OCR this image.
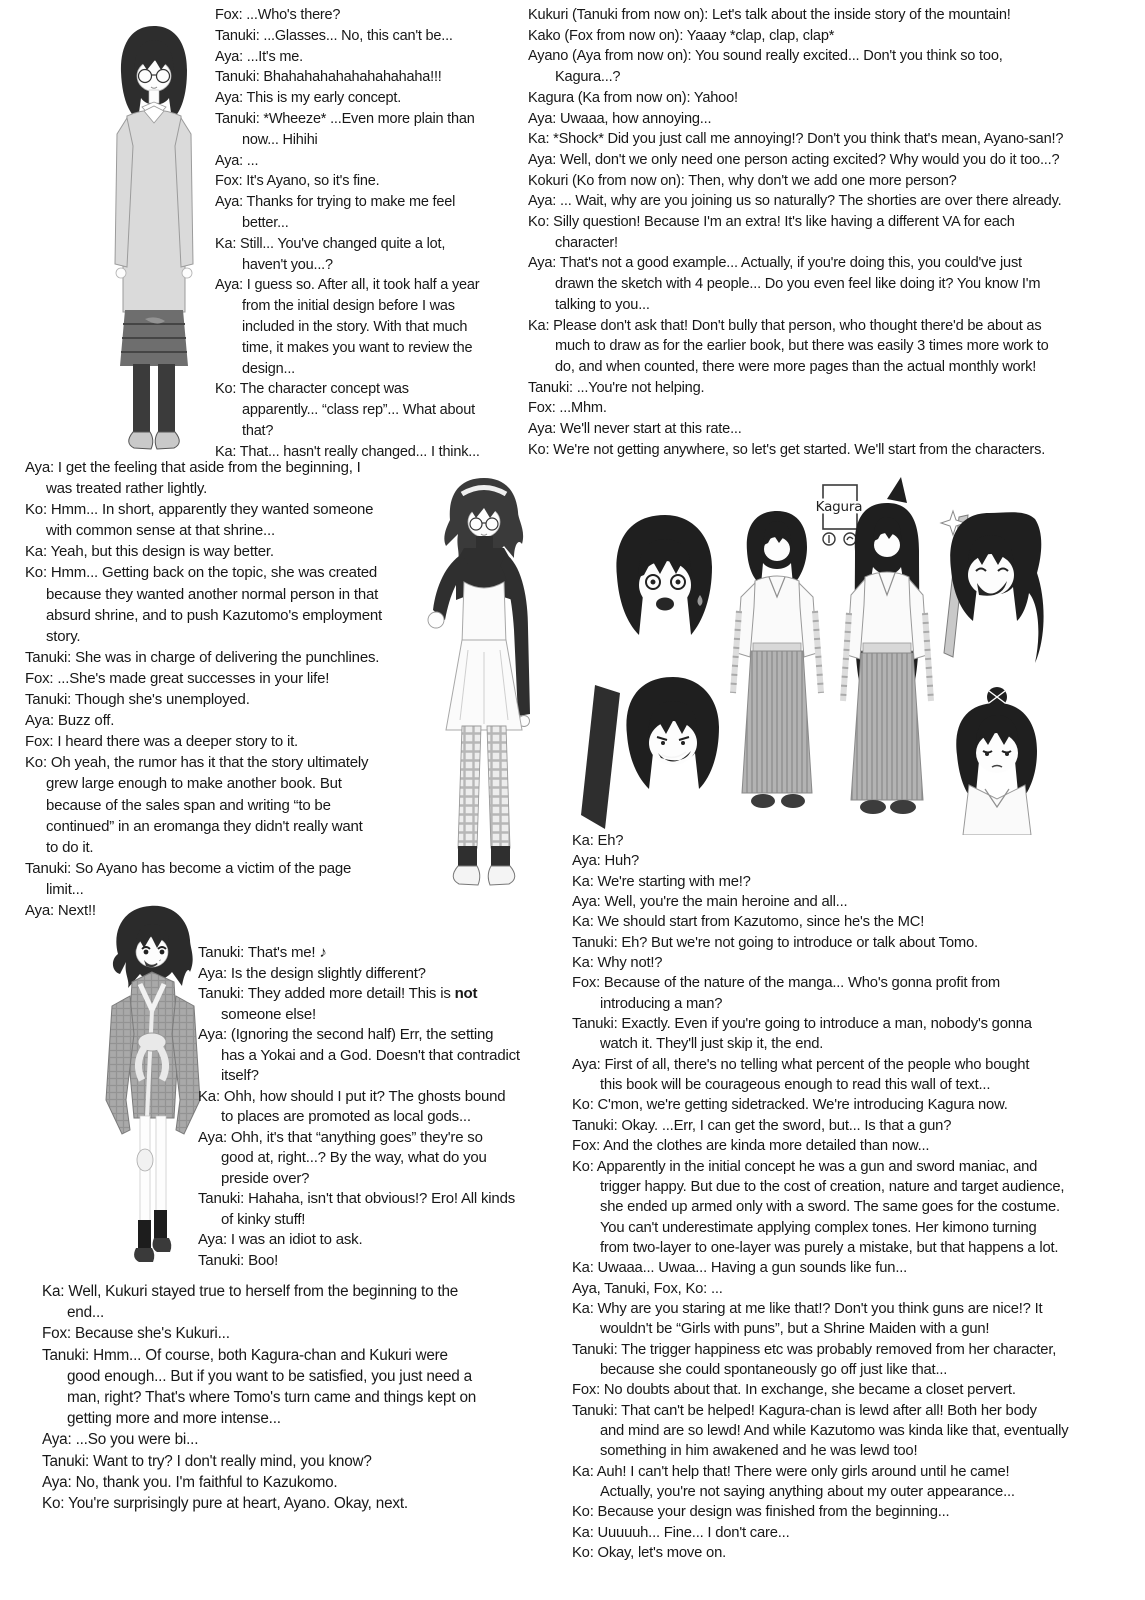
Fox: ...Who's there?
Tanuki: ...Glasses... No, this can't be...
Aya: ...It's me.
Tanuki: Bhahahahahahahahahaha!!!
Aya: This is my early concept.
Tanuki: *Wheeze* ...Even more plain than
now... Hihihi
Aya: ...
Fox: It's Ayano, so it's fine.
Aya: Thanks for trying to make me feel
better...
Ka: Still... You've changed quite a lot,
haven't you...?
Aya: I guess so. After all, it took half a year
from the initial design before I was
included in the story. With that much
time, it makes you want to review the
design...
Ko: The character concept was
apparently... “class rep”... What about
that?
Ka: That... hasn't really changed... I think...
Kukuri (Tanuki from now on): Let's talk about the inside story of the mountain!
Kako (Fox from now on): Yaaay *clap, clap, clap*
Ayano (Aya from now on): You sound really excited... Don't you think so too,
Kagura...?
Kagura (Ka from now on): Yahoo!
Aya: Uwaaa, how annoying...
Ka: *Shock* Did you just call me annoying!? Don't you think that's mean, Ayano-san!?
Aya: Well, don't we only need one person acting excited? Why would you do it too...?
Kokuri (Ko from now on): Then, why don't we add one more person?
Aya: ... Wait, why are you joining us so naturally? The shorties are over there already.
Ko: Silly question! Because I'm an extra! It's like having a different VA for each
character!
Aya: That's not a good example... Actually, if you're doing this, you could've just
drawn the sketch with 4 people... Do you even feel like doing it? You know I'm
talking to you...
Ka: Please don't ask that! Don't bully that person, who thought there'd be about as
much to draw as for the earlier book, but there was easily 3 times more work to
do, and when counted, there were more pages than the actual monthly work!
Tanuki: ...You're not helping.
Fox: ...Mhm.
Aya: We'll never start at this rate...
Ko: We're not getting anywhere, so let's get started. We'll start from the characters.
Aya: I get the feeling that aside from the beginning, I
was treated rather lightly.
Ko: Hmm... In short, apparently they wanted someone
with common sense at that shrine...
Ka: Yeah, but this design is way better.
Ko: Hmm... Getting back on the topic, she was created
because they wanted another normal person in that
absurd shrine, and to push Kazutomo's employment
story.
Tanuki: She was in charge of delivering the punchlines.
Fox: ...She's made great successes in your life!
Tanuki: Though she's unemployed.
Aya: Buzz off.
Fox: I heard there was a deeper story to it.
Ko: Oh yeah, the rumor has it that the story ultimately
grew large enough to make another book. But
because of the sales span and writing “to be
continued” in an eromanga they didn't really want
to do it.
Tanuki: So Ayano has become a victim of the page
limit...
Aya: Next!!
Kagura
Ka: Eh?
Aya: Huh?
Ka: We're starting with me!?
Aya: Well, you're the main heroine and all...
Ka: We should start from Kazutomo, since he's the MC!
Tanuki: Eh? But we're not going to introduce or talk about Tomo.
Ka: Why not!?
Fox: Because of the nature of the manga... Who's gonna profit from
introducing a man?
Tanuki: Exactly. Even if you're going to introduce a man, nobody's gonna
watch it. They'll just skip it, the end.
Aya: First of all, there's no telling what percent of the people who bought
this book will be courageous enough to read this wall of text...
Ko: C'mon, we're getting sidetracked. We're introducing Kagura now.
Tanuki: Okay. ...Err, I can get the sword, but... Is that a gun?
Fox: And the clothes are kinda more detailed than now...
Ko: Apparently in the initial concept he was a gun and sword maniac, and
trigger happy. But due to the cost of creation, nature and target audience,
she ended up armed only with a sword. The same goes for the costume.
You can't underestimate applying complex tones. Her kimono turning
from two-layer to one-layer was purely a mistake, but that happens a lot.
Ka: Uwaaa... Uwaa... Having a gun sounds like fun...
Aya, Tanuki, Fox, Ko: ...
Ka: Why are you staring at me like that!? Don't you think guns are nice!? It
wouldn't be “Girls with puns”, but a Shrine Maiden with a gun!
Tanuki: The trigger happiness etc was probably removed from her character,
because she could spontaneously go off just like that...
Fox: No doubts about that. In exchange, she became a closet pervert.
Tanuki: That can't be helped! Kagura-chan is lewd after all! Both her body
and mind are so lewd! And while Kazutomo was kinda like that, eventually
something in him awakened and he was lewd too!
Ka: Auh! I can't help that! There were only girls around until he came!
Actually, you're not saying anything about my outer appearance...
Ko: Because your design was finished from the beginning...
Ka: Uuuuuh... Fine... I don't care...
Ko: Okay, let's move on.
Tanuki: That's me! ♪
Aya: Is the design slightly different?
Tanuki: They added more detail! This is not
someone else!
Aya: (Ignoring the second half) Err, the setting
has a Yokai and a God. Doesn't that contradict
itself?
Ka: Ohh, how should I put it? The ghosts bound
to places are promoted as local gods...
Aya: Ohh, it's that “anything goes” they're so
good at, right...? By the way, what do you
preside over?
Tanuki: Hahaha, isn't that obvious!? Ero! All kinds
of kinky stuff!
Aya: I was an idiot to ask.
Tanuki: Boo!
Ka: Well, Kukuri stayed true to herself from the beginning to the
end...
Fox: Because she's Kukuri...
Tanuki: Hmm... Of course, both Kagura-chan and Kukuri were
good enough... But if you want to be satisfied, you just need a
man, right? That's where Tomo's turn came and things kept on
getting more and more intense...
Aya: ...So you were bi...
Tanuki: Want to try? I don't really mind, you know?
Aya: No, thank you. I'm faithful to Kazukomo.
Ko: You're surprisingly pure at heart, Ayano. Okay, next.
